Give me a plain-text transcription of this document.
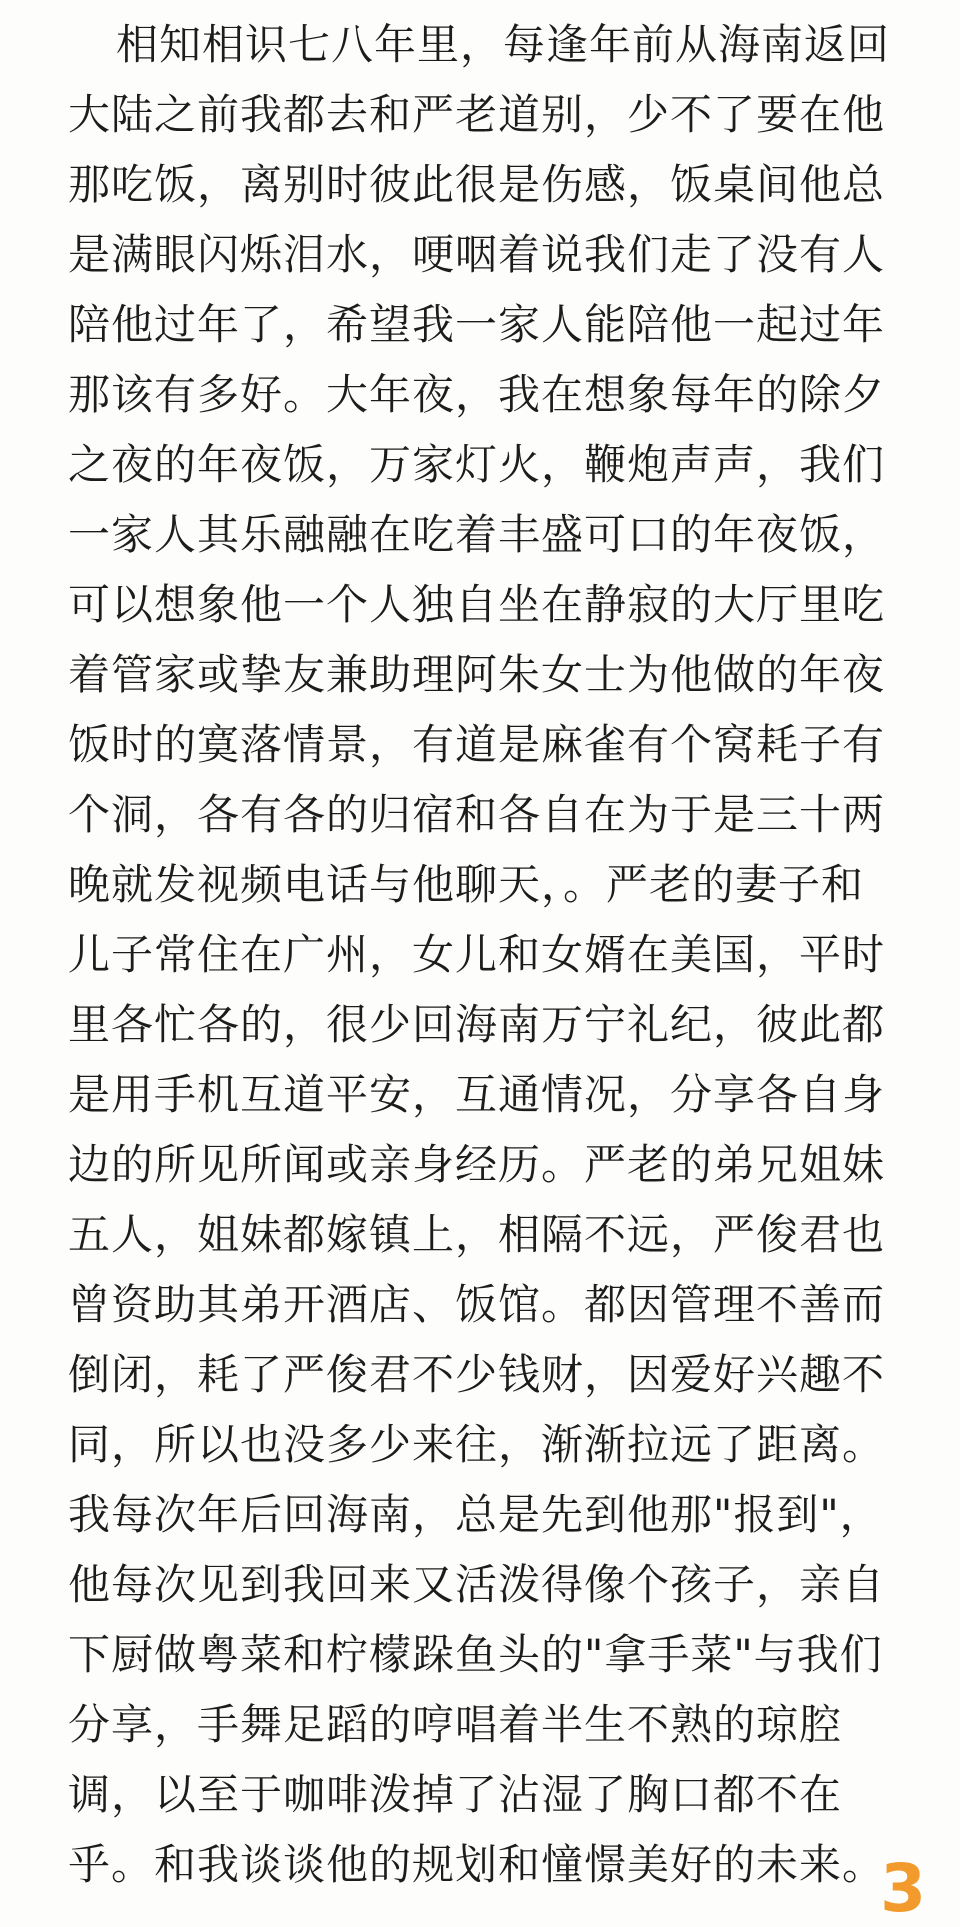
相知相识七八年里，每逢年前从海南返回
大陆之前我都去和严老道别，少不了要在他
那吃饭，离别时彼此很是伤感，饭桌间他总
是满眼闪烁泪水，哽咽着说我们走了没有人
陪他过年了，希望我一家人能陪他一起过年
那该有多好。大年夜，我在想象每年的除夕
之夜的年夜饭，万家灯火，鞭炮声声，我们
一家人其乐融融在吃着丰盛可口的年夜饭，
可以想象他一个人独自坐在静寂的大厅里吃
着管家或挚友兼助理阿朱女士为他做的年夜
饭时的寞落情景，有道是麻雀有个窝耗子有
个洞，各有各的归宿和各自在为于是三十两
晚就发视频电话与他聊天，。严老的妻子和
儿子常住在广州，女儿和女婿在美国，平时
里各忙各的，很少回海南万宁礼纪，彼此都
是用手机互道平安，互通情况，分享各自身
边的所见所闻或亲身经历。严老的弟兄姐妹
五人，姐妹都嫁镇上，相隔不远，严俊君也
曾资助其弟开酒店、饭馆。都因管理不善而
倒闭，耗了严俊君不少钱财，因爱好兴趣不
同，所以也没多少来往，渐渐拉远了距离。
我每次年后回海南，总是先到他那"报到"，
他每次见到我回来又活泼得像个孩子，亲自
下厨做粤菜和柠檬跺鱼头的"拿手菜"与我们
分享，手舞足蹈的哼唱着半生不熟的琼腔
调，以至于咖啡泼掉了沾湿了胸口都不在
乎。和我谈谈他的规划和憧憬美好的未来。
3
